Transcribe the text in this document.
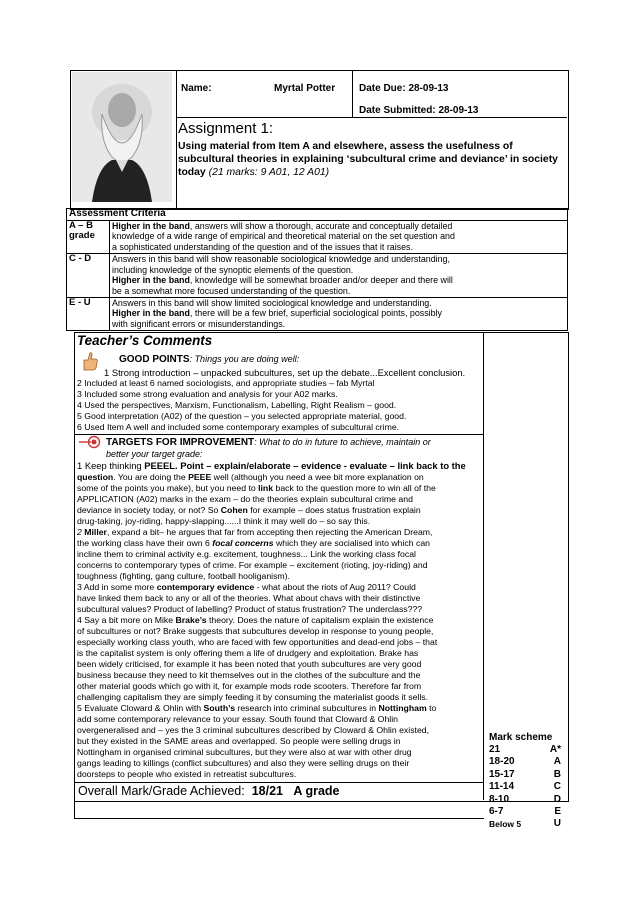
Name:	Myrtal Potter Date Due: 28-09-13
Date Submitted: 28-09-13
Assignment 1:
Using material from Item A and elsewhere, assess the usefulness of subcultural theories in explaining ‘subcultural crime and deviance’ in society today (21 marks: 9 A01, 12 A01)
Assessment Criteria	
A – B grade	Higher in the band, answers will show a thorough, accurate and conceptually detailed
knowledge of a wide range of empirical and theoretical material on the set question and
a sophisticated understanding of the question and of the issues that it raises.

C - D	Answers in this band will show reasonable sociological knowledge and understanding,
including knowledge of the synoptic elements of the question.
Higher in the band, knowledge will be somewhat broader and/or deeper and there will
be a somewhat more focused understanding of the question.

E - U	Answers in this band will show limited sociological knowledge and understanding.
Higher in the band, there will be a few brief, superficial sociological points, possibly
with significant errors or misunderstandings.
Teacher’s Comments
GOOD POINTS: Things you are doing well:
1 Strong introduction – unpacked subcultures, set up the debate...Excellent conclusion.
2 Included at least 6 named sociologists, and appropriate studies – fab Myrtal
3 Included some strong evaluation and analysis for your A02 marks.
4 Used the perspectives, Marxism, Functionalism, Labelling, Right Realism – good.
5 Good interpretation (A02) of the question – you selected appropriate material, good.
6 Used Item A well and included some contemporary examples of subcultural crime.
TARGETS FOR IMPROVEMENT: What to do in future to achieve, maintain or
better your target grade:
1 Keep thinking PEEEL. Point – explain/elaborate – evidence - evaluate – link back to the
question. You are doing the PEEE well (although you need a wee bit more explanation on
some of the points you make), but you need to link back to the question more to win all of the
APPLICATION (A02) marks in the exam – do the theories explain subcultural crime and
deviance in society today, or not? So Cohen for example – does status frustration explain
drug-taking, joy-riding, happy-slapping......I think it may well do – so say this.
2 Miller, expand a bit– he argues that far from accepting then rejecting the American Dream,
the working class have their own 6 focal concerns which they are socialised into which can
incline them to criminal activity e.g. excitement, toughness... Link the working class focal
concerns to contemporary types of crime. For example – excitement (rioting, joy-riding) and
toughness (fighting, gang culture, football hooliganism).
3 Add in some more contemporary evidence - what about the riots of Aug 2011? Could
have linked them back to any or all of the theories. What about chavs with their distinctive
subcultural values? Product of labelling? Product of status frustration? The underclass???
4 Say a bit more on Mike Brake’s theory. Does the nature of capitalism explain the existence
of subcultures or not? Brake suggests that subcultures develop in response to young people,
especially working class youth, who are faced with few opportunities and dead-end jobs – that
is the capitalist system is only offering them a life of drudgery and exploitation. Brake has
been widely criticised, for example it has been noted that youth subcultures are very good
business because they need to kit themselves out in the clothes of the subculture and the
other material goods which go with it, for example mods rode scooters. Therefore far from
challenging capitalism they are simply feeding it by consuming the materialist goods it sells.
5 Evaluate Cloward & Ohlin with South’s research into criminal subcultures in Nottingham to
add some contemporary relevance to your essay. South found that Cloward & Ohlin
overgeneralised and – yes the 3 criminal subcultures described by Cloward & Ohlin existed,
but they existed in the SAME areas and overlapped. So people were selling drugs in
Nottingham in organised criminal subcultures, but they were also at war with other drug
gangs leading to killings (conflict subcultures) and also they were selling drugs on their
doorsteps to people who existed in retreatist subcultures.
Mark scheme
21	A*
18-20	A
15-17	B
11-14	C
8-10	D
6-7	E
Below 5	U
Overall Mark/Grade Achieved: 18/21 A grade
